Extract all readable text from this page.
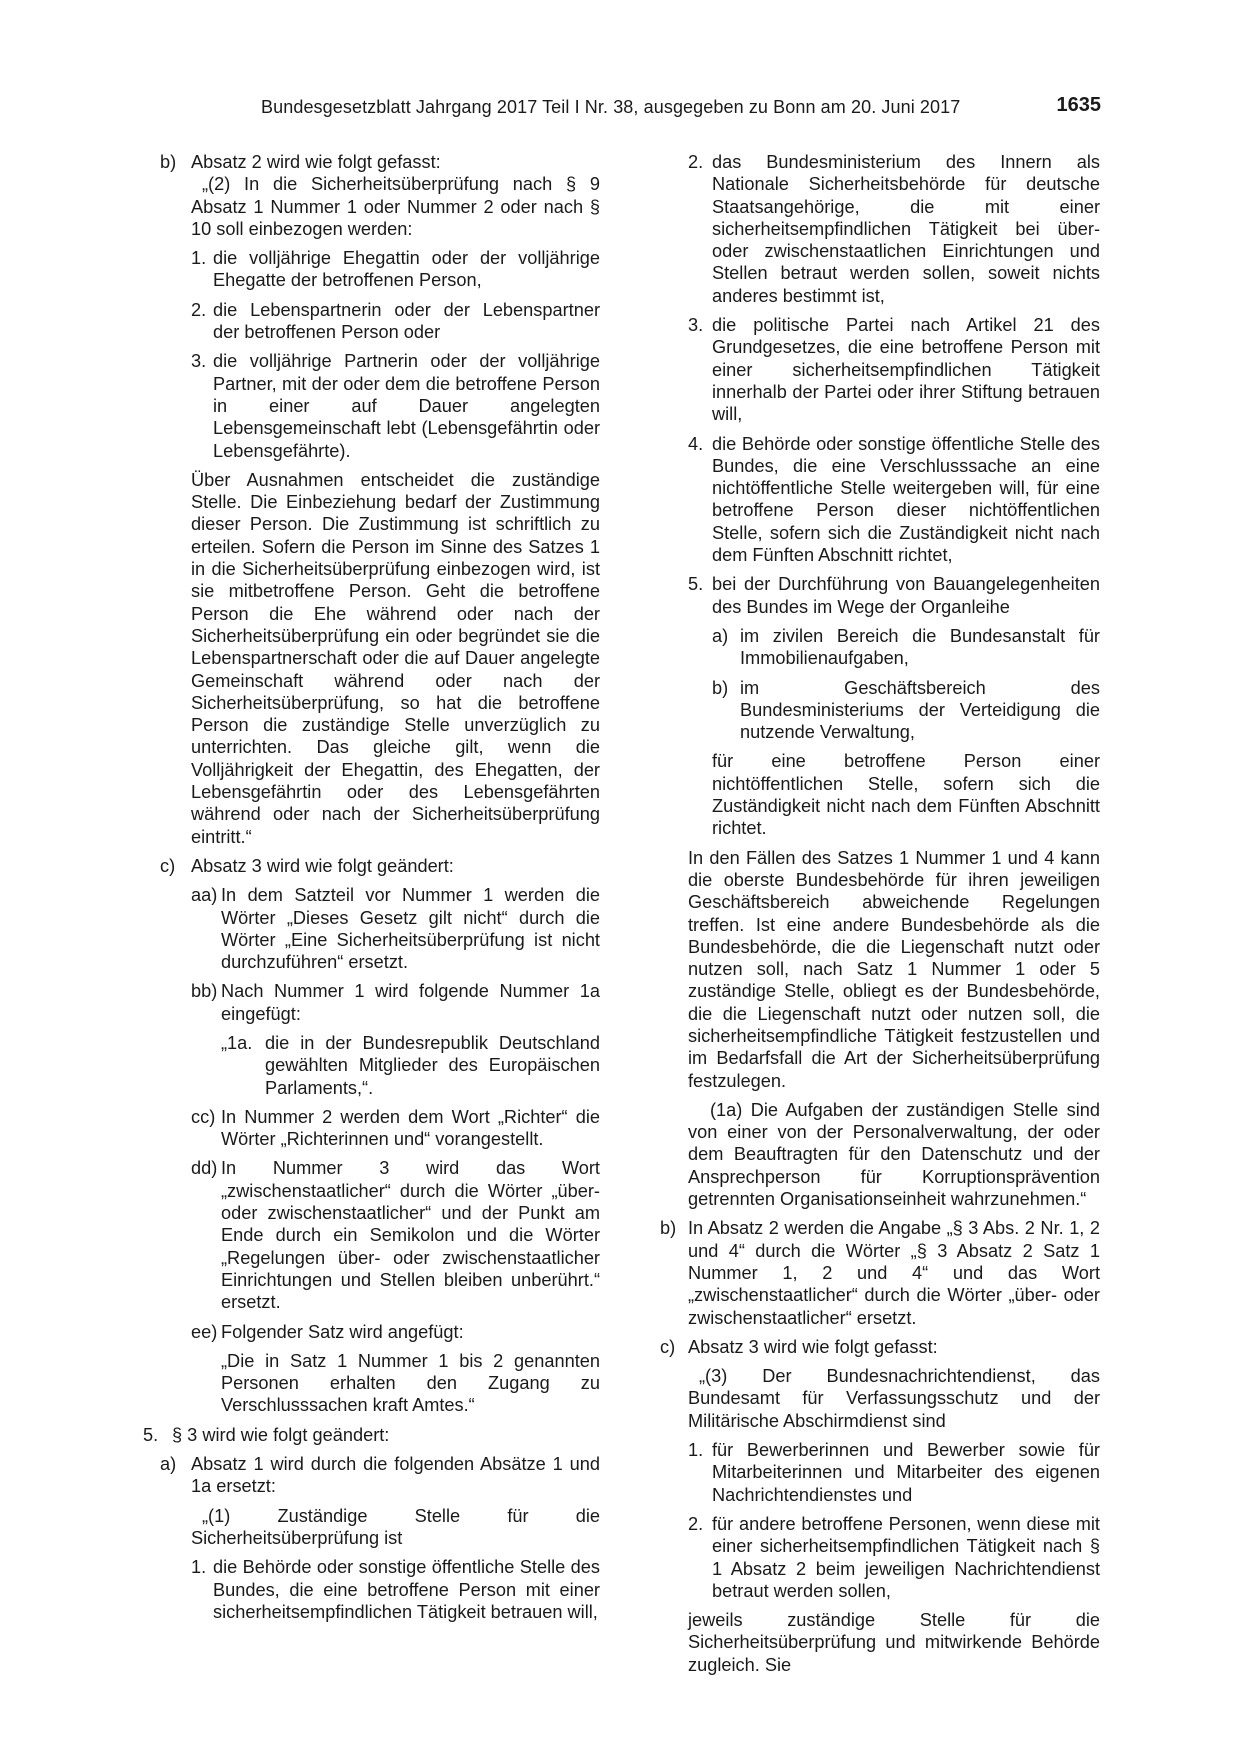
Bundesgesetzblatt Jahrgang 2017 Teil I Nr. 38, ausgegeben zu Bonn am 20. Juni 2017	1635
b) Absatz 2 wird wie folgt gefasst:

„(2) In die Sicherheitsüberprüfung nach § 9 Absatz 1 Nummer 1 oder Nummer 2 oder nach § 10 soll einbezogen werden:

1. die volljährige Ehegattin oder der volljährige Ehegatte der betroffenen Person,

2. die Lebenspartnerin oder der Lebenspartner der betroffenen Person oder

3. die volljährige Partnerin oder der volljährige Partner, mit der oder dem die betroffene Person in einer auf Dauer angelegten Lebensgemeinschaft lebt (Lebensgefährtin oder Lebensgefährte).

Über Ausnahmen entscheidet die zuständige Stelle. Die Einbeziehung bedarf der Zustimmung dieser Person. Die Zustimmung ist schriftlich zu erteilen. Sofern die Person im Sinne des Satzes 1 in die Sicherheitsüberprüfung einbezogen wird, ist sie mitbetroffene Person. Geht die betroffene Person die Ehe während oder nach der Sicherheitsüberprüfung ein oder begründet sie die Lebenspartnerschaft oder die auf Dauer angelegte Gemeinschaft während oder nach der Sicherheitsüberprüfung, so hat die betroffene Person die zuständige Stelle unverzüglich zu unterrichten. Das gleiche gilt, wenn die Volljährigkeit der Ehegattin, des Ehegatten, der Lebensgefährtin oder des Lebensgefährten während oder nach der Sicherheitsüberprüfung eintritt.“

c) Absatz 3 wird wie folgt geändert:

aa) In dem Satzteil vor Nummer 1 werden die Wörter „Dieses Gesetz gilt nicht“ durch die Wörter „Eine Sicherheitsüberprüfung ist nicht durchzuführen“ ersetzt.

bb) Nach Nummer 1 wird folgende Nummer 1a eingefügt:

„1a. die in der Bundesrepublik Deutschland gewählten Mitglieder des Europäischen Parlaments,“.

cc) In Nummer 2 werden dem Wort „Richter“ die Wörter „Richterinnen und“ vorangestellt.

dd) In Nummer 3 wird das Wort „zwischenstaatlicher“ durch die Wörter „über- oder zwischenstaatlicher“ und der Punkt am Ende durch ein Semikolon und die Wörter „Regelungen über- oder zwischenstaatlicher Einrichtungen und Stellen bleiben unberührt.“ ersetzt.

ee) Folgender Satz wird angefügt:

„Die in Satz 1 Nummer 1 bis 2 genannten Personen erhalten den Zugang zu Verschlusssachen kraft Amtes.“

5. § 3 wird wie folgt geändert:

a) Absatz 1 wird durch die folgenden Absätze 1 und 1a ersetzt:

„(1) Zuständige Stelle für die Sicherheitsüberprüfung ist

1. die Behörde oder sonstige öffentliche Stelle des Bundes, die eine betroffene Person mit einer sicherheitsempfindlichen Tätigkeit betrauen will,

2. das Bundesministerium des Innern als Nationale Sicherheitsbehörde für deutsche Staatsangehörige, die mit einer sicherheitsempfindlichen Tätigkeit bei über- oder zwischenstaatlichen Einrichtungen und Stellen betraut werden sollen, soweit nichts anderes bestimmt ist,

3. die politische Partei nach Artikel 21 des Grundgesetzes, die eine betroffene Person mit einer sicherheitsempfindlichen Tätigkeit innerhalb der Partei oder ihrer Stiftung betrauen will,

4. die Behörde oder sonstige öffentliche Stelle des Bundes, die eine Verschlusssache an eine nichtöffentliche Stelle weitergeben will, für eine betroffene Person dieser nichtöffentlichen Stelle, sofern sich die Zuständigkeit nicht nach dem Fünften Abschnitt richtet,

5. bei der Durchführung von Bauangelegenheiten des Bundes im Wege der Organleihe

a) im zivilen Bereich die Bundesanstalt für Immobilienaufgaben,

b) im Geschäftsbereich des Bundesministeriums der Verteidigung die nutzende Verwaltung,

für eine betroffene Person einer nichtöffentlichen Stelle, sofern sich die Zuständigkeit nicht nach dem Fünften Abschnitt richtet.

In den Fällen des Satzes 1 Nummer 1 und 4 kann die oberste Bundesbehörde für ihren jeweiligen Geschäftsbereich abweichende Regelungen treffen. Ist eine andere Bundesbehörde als die Bundesbehörde, die die Liegenschaft nutzt oder nutzen soll, nach Satz 1 Nummer 1 oder 5 zuständige Stelle, obliegt es der Bundesbehörde, die die Liegenschaft nutzt oder nutzen soll, die sicherheitsempfindliche Tätigkeit festzustellen und im Bedarfsfall die Art der Sicherheitsüberprüfung festzulegen.

(1a) Die Aufgaben der zuständigen Stelle sind von einer von der Personalverwaltung, der oder dem Beauftragten für den Datenschutz und der Ansprechperson für Korruptionsprävention getrennten Organisationseinheit wahrzunehmen.“

b) In Absatz 2 werden die Angabe „§ 3 Abs. 2 Nr. 1, 2 und 4“ durch die Wörter „§ 3 Absatz 2 Satz 1 Nummer 1, 2 und 4“ und das Wort „zwischenstaatlicher“ durch die Wörter „über- oder zwischenstaatlicher“ ersetzt.

c) Absatz 3 wird wie folgt gefasst:

„(3) Der Bundesnachrichtendienst, das Bundesamt für Verfassungsschutz und der Militärische Abschirmdienst sind

1. für Bewerberinnen und Bewerber sowie für Mitarbeiterinnen und Mitarbeiter des eigenen Nachrichtendienstes und

2. für andere betroffene Personen, wenn diese mit einer sicherheitsempfindlichen Tätigkeit nach § 1 Absatz 2 beim jeweiligen Nachrichtendienst betraut werden sollen,

jeweils zuständige Stelle für die Sicherheitsüberprüfung und mitwirkende Behörde zugleich. Sie
